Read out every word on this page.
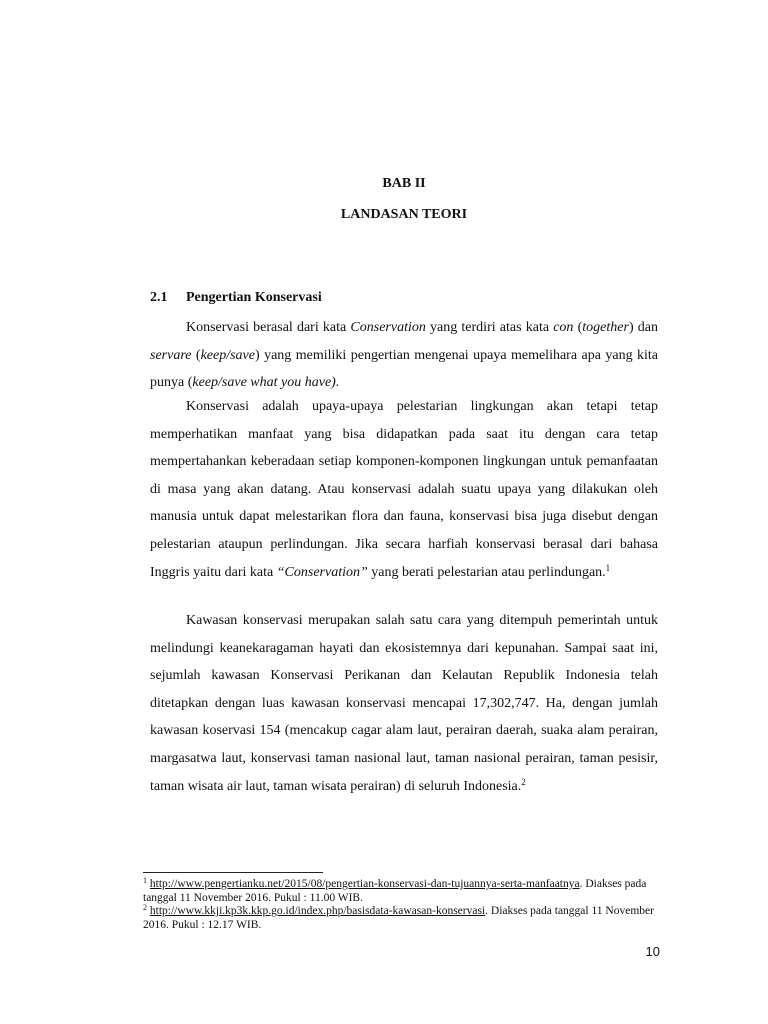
BAB II
LANDASAN TEORI
2.1 Pengertian Konservasi

Konservasi berasal dari kata Conservation yang terdiri atas kata con (together) dan servare (keep/save) yang memiliki pengertian mengenai upaya memelihara apa yang kita punya (keep/save what you have).

Konservasi adalah upaya-upaya pelestarian lingkungan akan tetapi tetap memperhatikan manfaat yang bisa didapatkan pada saat itu dengan cara tetap mempertahankan keberadaan setiap komponen-komponen lingkungan untuk pemanfaatan di masa yang akan datang. Atau konservasi adalah suatu upaya yang dilakukan oleh manusia untuk dapat melestarikan flora dan fauna, konservasi bisa juga disebut dengan pelestarian ataupun perlindungan. Jika secara harfiah konservasi berasal dari bahasa Inggris yaitu dari kata “Conservation” yang berati pelestarian atau perlindungan.$^1$

Kawasan konservasi merupakan salah satu cara yang ditempuh pemerintah untuk melindungi keanekaragaman hayati dan ekosistemnya dari kepunahan. Sampai saat ini, sejumlah kawasan Konservasi Perikanan dan Kelautan Republik Indonesia telah ditetapkan dengan luas kawasan konservasi mencapai 17,302,747. Ha, dengan jumlah kawasan koservasi 154 (mencakup cagar alam laut, perairan daerah, suaka alam perairan, margasatwa laut, konservasi taman nasional laut, taman nasional perairan, taman pesisir, taman wisata air laut, taman wisata perairan) di seluruh Indonesia.$^2$

$^1$ http://www.pengertianku.net/2015/08/pengertian-konservasi-dan-tujuannya-serta-manfaatnya. Diakses pada tanggal 11 November 2016. Pukul : 11.00 WIB.

$^2$ http://www.kkji.kp3k.kkp.go.id/index.php/basisdata-kawasan-konservasi. Diakses pada tanggal 11 November 2016. Pukul : 12.17 WIB.

10
